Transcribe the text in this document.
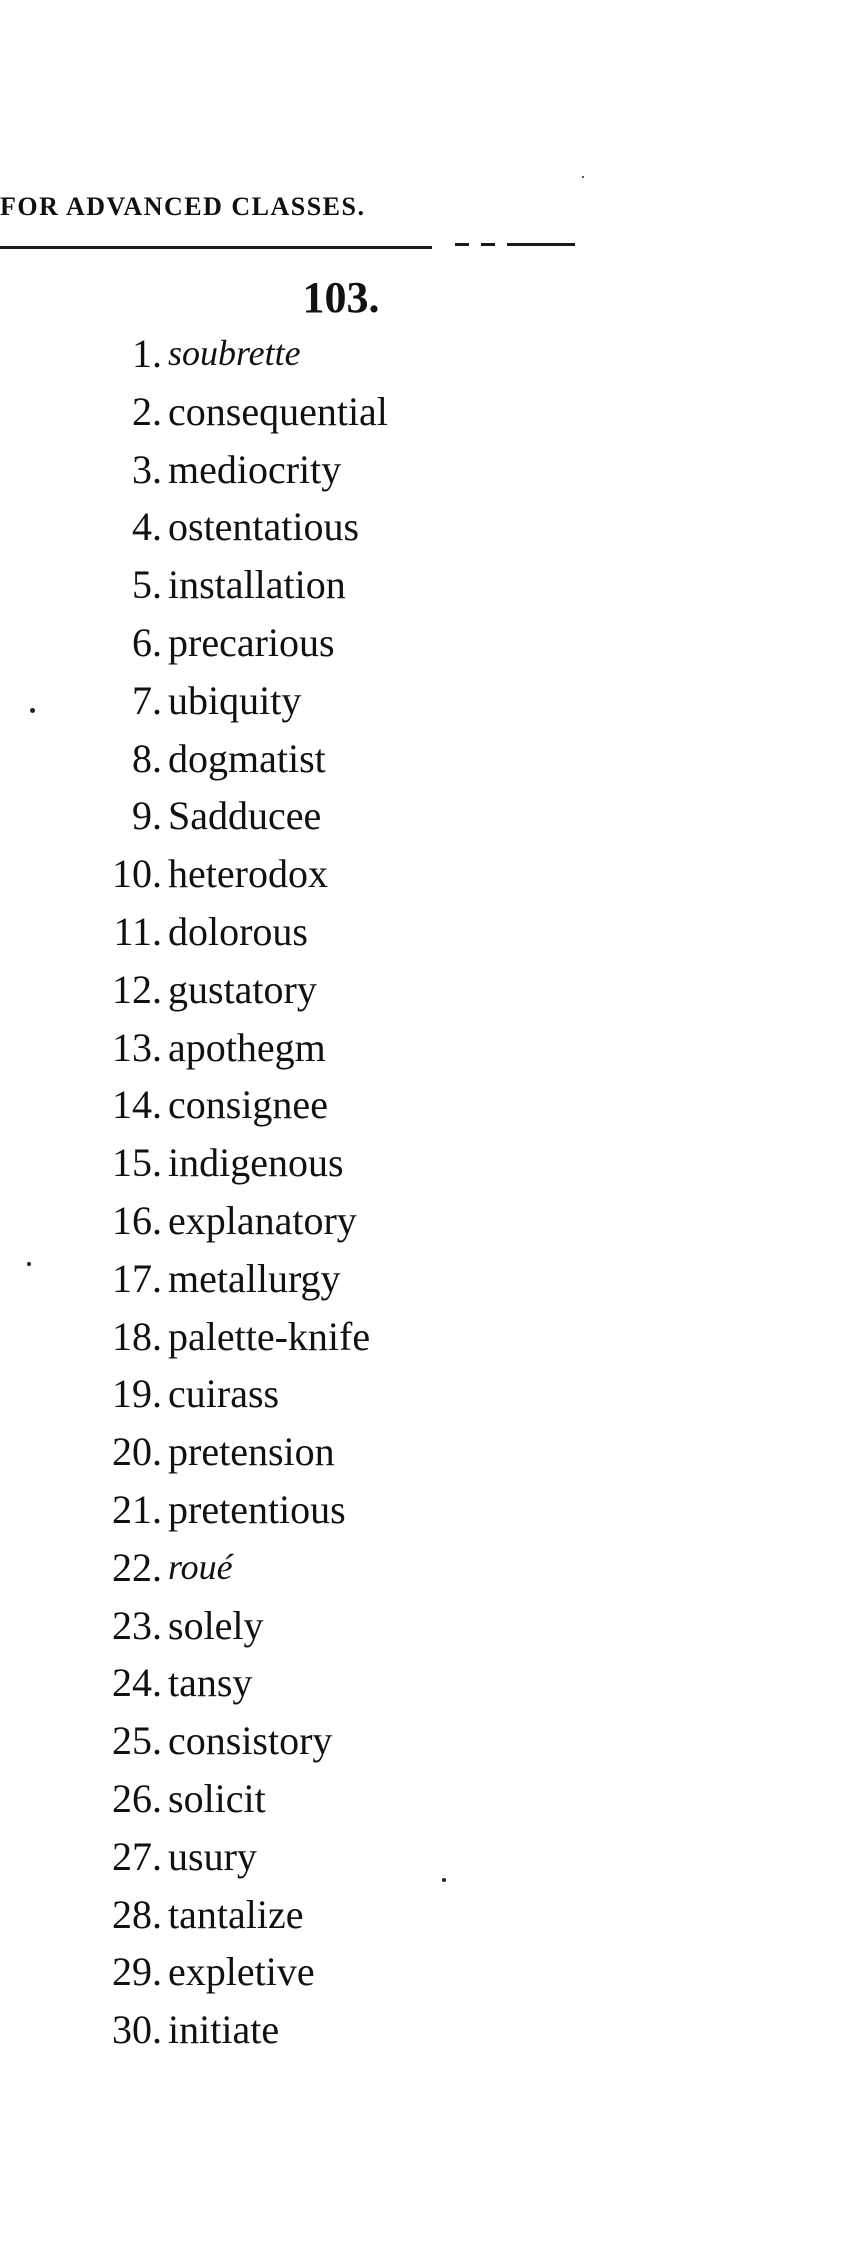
FOR ADVANCED CLASSES.
103.
1. soubrette
2. consequential
3. mediocrity
4. ostentatious
5. installation
6. precarious
7. ubiquity
8. dogmatist
9. Sadducee
10. heterodox
11. dolorous
12. gustatory
13. apothegm
14. consignee
15. indigenous
16. explanatory
17. metallurgy
18. palette-knife
19. cuirass
20. pretension
21. pretentious
22. roué
23. solely
24. tansy
25. consistory
26. solicit
27. usury
28. tantalize
29. expletive
30. initiate
